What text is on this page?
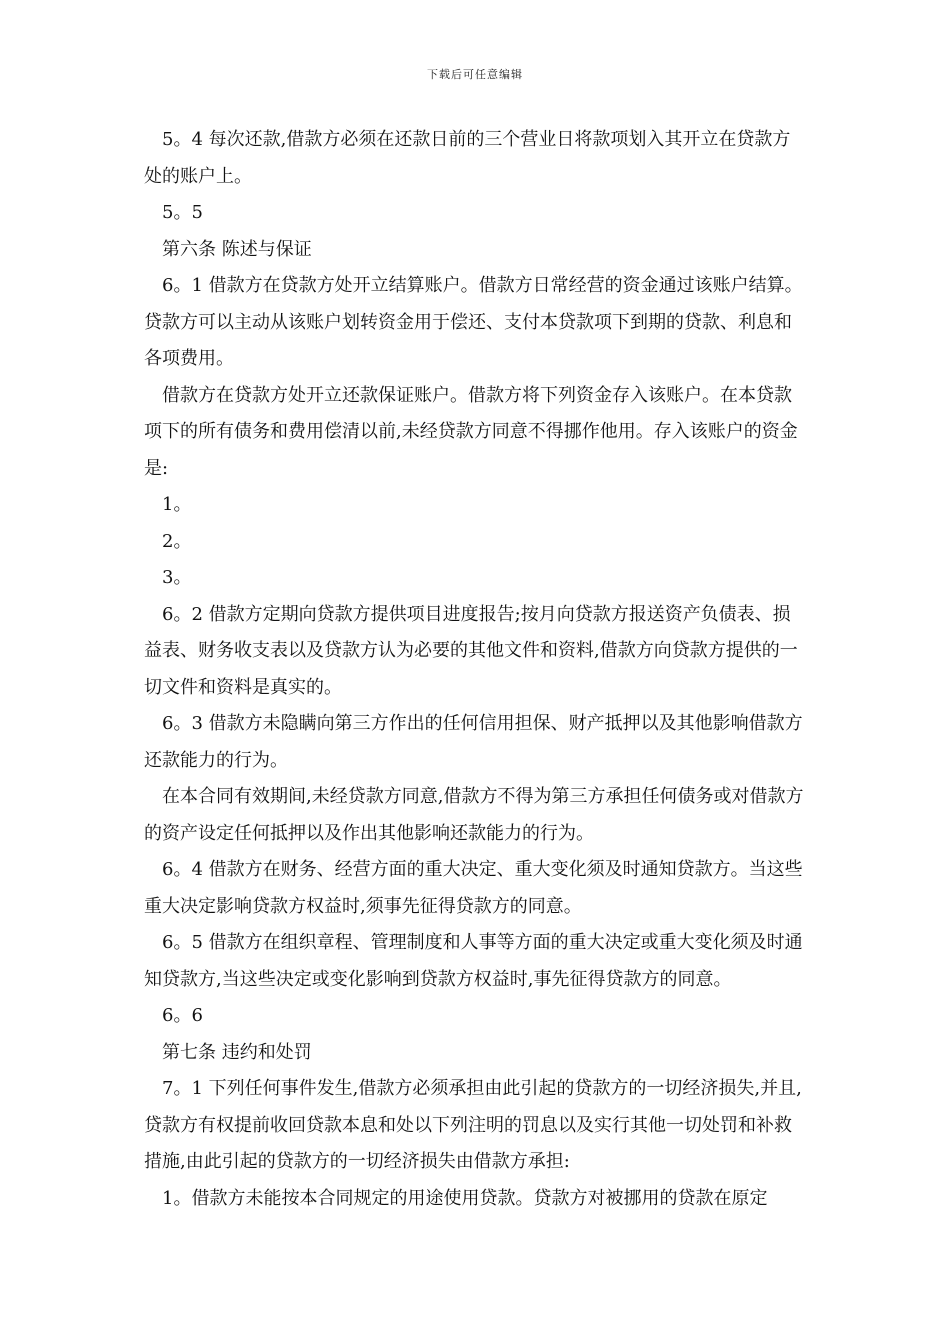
下载后可任意编辑

5。4 每次还款,借款方必须在还款日前的三个营业日将款项划入其开立在贷款方处的账户上。

5。5

第六条 陈述与保证

6。1 借款方在贷款方处开立结算账户。借款方日常经营的资金通过该账户结算。贷款方可以主动从该账户划转资金用于偿还、支付本贷款项下到期的贷款、利息和各项费用。

借款方在贷款方处开立还款保证账户。借款方将下列资金存入该账户。在本贷款项下的所有债务和费用偿清以前,未经贷款方同意不得挪作他用。存入该账户的资金是:

1。

2。

3。

6。2 借款方定期向贷款方提供项目进度报告;按月向贷款方报送资产负债表、损益表、财务收支表以及贷款方认为必要的其他文件和资料,借款方向贷款方提供的一切文件和资料是真实的。

6。3 借款方未隐瞒向第三方作出的任何信用担保、财产抵押以及其他影响借款方还款能力的行为。

在本合同有效期间,未经贷款方同意,借款方不得为第三方承担任何债务或对借款方的资产设定任何抵押以及作出其他影响还款能力的行为。

6。4 借款方在财务、经营方面的重大决定、重大变化须及时通知贷款方。当这些重大决定影响贷款方权益时,须事先征得贷款方的同意。

6。5 借款方在组织章程、管理制度和人事等方面的重大决定或重大变化须及时通知贷款方,当这些决定或变化影响到贷款方权益时,事先征得贷款方的同意。

6。6

第七条 违约和处罚

7。1 下列任何事件发生,借款方必须承担由此引起的贷款方的一切经济损失,并且,贷款方有权提前收回贷款本息和处以下列注明的罚息以及实行其他一切处罚和补救措施,由此引起的贷款方的一切经济损失由借款方承担:

1。借款方未能按本合同规定的用途使用贷款。贷款方对被挪用的贷款在原定
